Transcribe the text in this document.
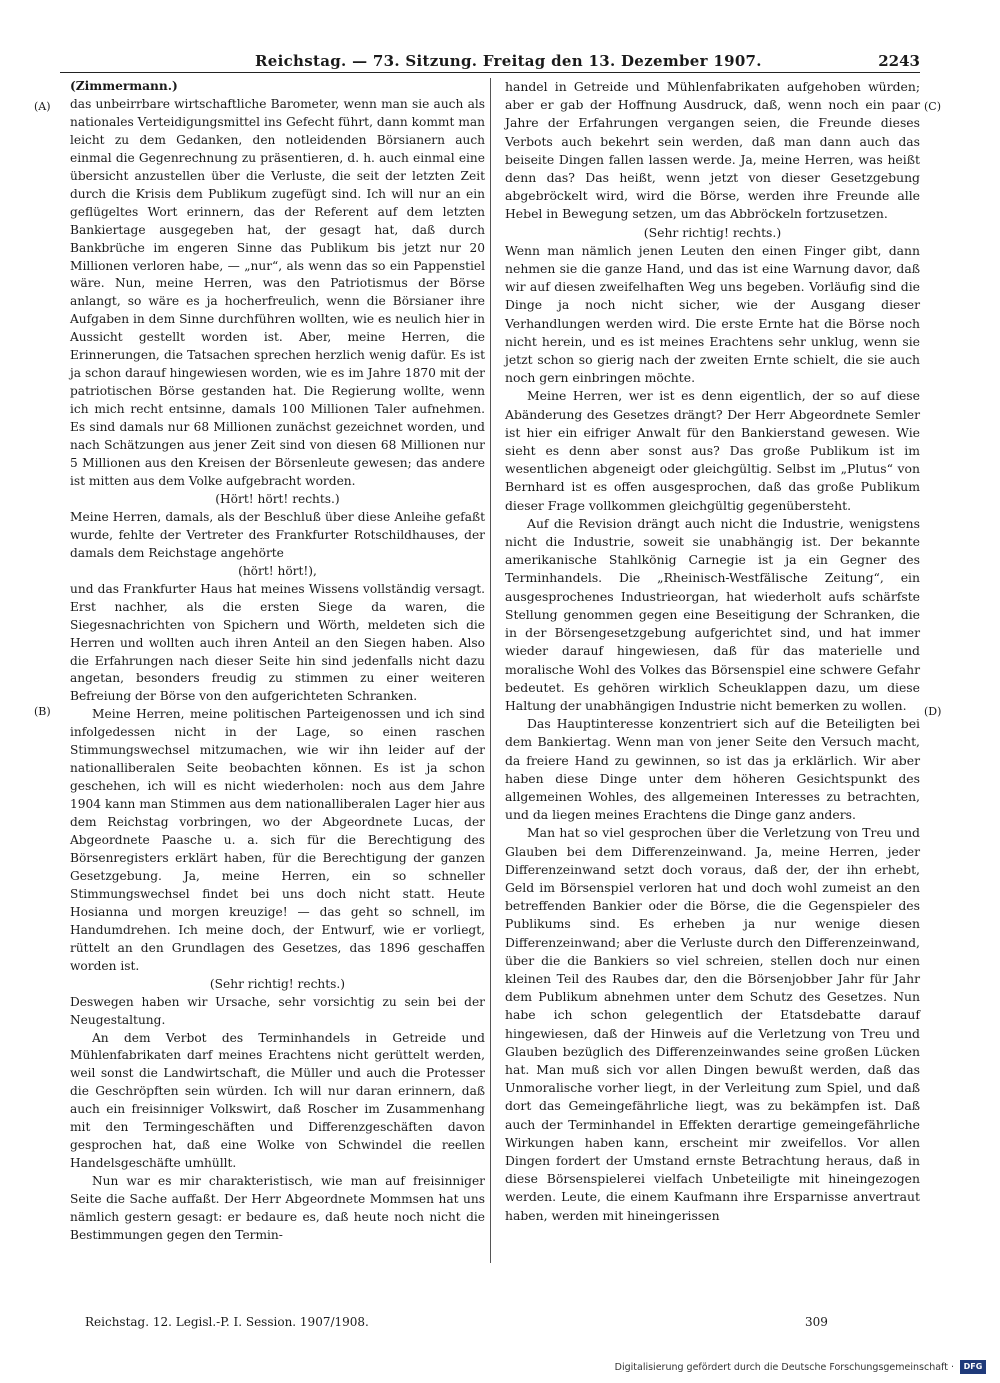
Reichstag. — 73. Sitzung. Freitag den 13. Dezember 1907.	2243

(Zimmermann.)

das unbeirrbare wirtschaftliche Barometer, wenn man sie auch als nationales Verteidigungsmittel ins Gefecht führt, dann kommt man leicht zu dem Gedanken, den notleidenden Börsianern auch einmal die Gegenrechnung zu präsentieren, d. h. auch einmal eine übersicht anzustellen über die Verluste, die seit der letzten Zeit durch die Krisis dem Publikum zugefügt sind. Ich will nur an ein geflügeltes Wort erinnern, das der Referent auf dem letzten Bankiertage ausgegeben hat, der gesagt hat, daß durch Bankbrüche im engeren Sinne das Publikum bis jetzt nur 20 Millionen verloren habe, — „nur“, als wenn das so ein Pappenstiel wäre. Nun, meine Herren, was den Patriotismus der Börse anlangt, so wäre es ja hocherfreulich, wenn die Börsianer ihre Aufgaben in dem Sinne durchführen wollten, wie es neulich hier in Aussicht gestellt worden ist. Aber, meine Herren, die Erinnerungen, die Tatsachen sprechen herzlich wenig dafür. Es ist ja schon darauf hingewiesen worden, wie es im Jahre 1870 mit der patriotischen Börse gestanden hat. Die Regierung wollte, wenn ich mich recht entsinne, damals 100 Millionen Taler aufnehmen. Es sind damals nur 68 Millionen zunächst gezeichnet worden, und nach Schätzungen aus jener Zeit sind von diesen 68 Millionen nur 5 Millionen aus den Kreisen der Börsenleute gewesen; das andere ist mitten aus dem Volke aufgebracht worden.

(Hört! hört! rechts.)

Meine Herren, damals, als der Beschluß über diese Anleihe gefaßt wurde, fehlte der Vertreter des Frankfurter Rotschildhauses, der damals dem Reichstage angehörte

(hört! hört!),

und das Frankfurter Haus hat meines Wissens vollständig versagt. Erst nachher, als die ersten Siege da waren, die Siegesnachrichten von Spichern und Wörth, meldeten sich die Herren und wollten auch ihren Anteil an den Siegen haben. Also die Erfahrungen nach dieser Seite hin sind jedenfalls nicht dazu angetan, besonders freudig zu stimmen zu einer weiteren Befreiung der Börse von den aufgerichteten Schranken.

Meine Herren, meine politischen Parteigenossen und ich sind infolgedessen nicht in der Lage, so einen raschen Stimmungswechsel mitzumachen, wie wir ihn leider auf der nationalliberalen Seite beobachten können. Es ist ja schon geschehen, ich will es nicht wiederholen: noch aus dem Jahre 1904 kann man Stimmen aus dem nationalliberalen Lager hier aus dem Reichstag vorbringen, wo der Abgeordnete Lucas, der Abgeordnete Paasche u. a. sich für die Berechtigung des Börsenregisters erklärt haben, für die Berechtigung der ganzen Gesetzgebung. Ja, meine Herren, ein so schneller Stimmungswechsel findet bei uns doch nicht statt. Heute Hosianna und morgen kreuzige! — das geht so schnell, im Handumdrehen. Ich meine doch, der Entwurf, wie er vorliegt, rüttelt an den Grundlagen des Gesetzes, das 1896 geschaffen worden ist.

(Sehr richtig! rechts.)

Deswegen haben wir Ursache, sehr vorsichtig zu sein bei der Neugestaltung.

An dem Verbot des Terminhandels in Getreide und Mühlenfabrikaten darf meines Erachtens nicht gerüttelt werden, weil sonst die Landwirtschaft, die Müller und auch die Protesser die Geschröpften sein würden. Ich will nur daran erinnern, daß auch ein freisinniger Volkswirt, daß Roscher im Zusammenhang mit den Termingeschäften und Differenzgeschäften davon gesprochen hat, daß eine Wolke von Schwindel die reellen Handelsgeschäfte umhüllt.

Nun war es mir charakteristisch, wie man auf freisinniger Seite die Sache auffaßt. Der Herr Abgeordnete Mommsen hat uns nämlich gestern gesagt: er bedaure es, daß heute noch nicht die Bestimmungen gegen den Termin-

handel in Getreide und Mühlenfabrikaten aufgehoben würden; aber er gab der Hoffnung Ausdruck, daß, wenn noch ein paar Jahre der Erfahrungen vergangen seien, die Freunde dieses Verbots auch bekehrt sein werden, daß man dann auch das beiseite Dingen fallen lassen werde. Ja, meine Herren, was heißt denn das? Das heißt, wenn jetzt von dieser Gesetzgebung abgebröckelt wird, wird die Börse, werden ihre Freunde alle Hebel in Bewegung setzen, um das Abbröckeln fortzusetzen.

(Sehr richtig! rechts.)

Wenn man nämlich jenen Leuten den einen Finger gibt, dann nehmen sie die ganze Hand, und das ist eine Warnung davor, daß wir auf diesen zweifelhaften Weg uns begeben. Vorläufig sind die Dinge ja noch nicht sicher, wie der Ausgang dieser Verhandlungen werden wird. Die erste Ernte hat die Börse noch nicht herein, und es ist meines Erachtens sehr unklug, wenn sie jetzt schon so gierig nach der zweiten Ernte schielt, die sie auch noch gern einbringen möchte.

Meine Herren, wer ist es denn eigentlich, der so auf diese Abänderung des Gesetzes drängt? Der Herr Abgeordnete Semler ist hier ein eifriger Anwalt für den Bankierstand gewesen. Wie sieht es denn aber sonst aus? Das große Publikum ist im wesentlichen abgeneigt oder gleichgültig. Selbst im „Plutus“ von Bernhard ist es offen ausgesprochen, daß das große Publikum dieser Frage vollkommen gleichgültig gegenübersteht.

Auf die Revision drängt auch nicht die Industrie, wenigstens nicht die Industrie, soweit sie unabhängig ist. Der bekannte amerikanische Stahlkönig Carnegie ist ja ein Gegner des Terminhandels. Die „Rheinisch-Westfälische Zeitung“, ein ausgesprochenes Industrieorgan, hat wiederholt aufs schärfste Stellung genommen gegen eine Beseitigung der Schranken, die in der Börsengesetzgebung aufgerichtet sind, und hat immer wieder darauf hingewiesen, daß für das materielle und moralische Wohl des Volkes das Börsenspiel eine schwere Gefahr bedeutet. Es gehören wirklich Scheuklappen dazu, um diese Haltung der unabhängigen Industrie nicht bemerken zu wollen.

Das Hauptinteresse konzentriert sich auf die Beteiligten bei dem Bankiertag. Wenn man von jener Seite den Versuch macht, da freiere Hand zu gewinnen, so ist das ja erklärlich. Wir aber haben diese Dinge unter dem höheren Gesichtspunkt des allgemeinen Wohles, des allgemeinen Interesses zu betrachten, und da liegen meines Erachtens die Dinge ganz anders.

Man hat so viel gesprochen über die Verletzung von Treu und Glauben bei dem Differenzeinwand. Ja, meine Herren, jeder Differenzeinwand setzt doch voraus, daß der, der ihn erhebt, Geld im Börsenspiel verloren hat und doch wohl zumeist an den betreffenden Bankier oder die Börse, die die Gegenspieler des Publikums sind. Es erheben ja nur wenige diesen Differenzeinwand; aber die Verluste durch den Differenzeinwand, über die die Bankiers so viel schreien, stellen doch nur einen kleinen Teil des Raubes dar, den die Börsenjobber Jahr für Jahr dem Publikum abnehmen unter dem Schutz des Gesetzes. Nun habe ich schon gelegentlich der Etatsdebatte darauf hingewiesen, daß der Hinweis auf die Verletzung von Treu und Glauben bezüglich des Differenzeinwandes seine großen Lücken hat. Man muß sich vor allen Dingen bewußt werden, daß das Unmoralische vorher liegt, in der Verleitung zum Spiel, und daß dort das Gemeingefährliche liegt, was zu bekämpfen ist. Daß auch der Terminhandel in Effekten derartige gemeingefährliche Wirkungen haben kann, erscheint mir zweifellos. Vor allen Dingen fordert der Umstand ernste Betrachtung heraus, daß in diese Börsenspielerei vielfach Unbeteiligte mit hineingezogen werden. Leute, die einem Kaufmann ihre Ersparnisse anvertraut haben, werden mit hineingerissen

(A)
(B)
(C)
(D)
Reichstag. 12. Legisl.-P. I. Session. 1907/1908.	309
Digitalisierung gefördert durch die Deutsche Forschungsgemeinschaft ·	DFG
